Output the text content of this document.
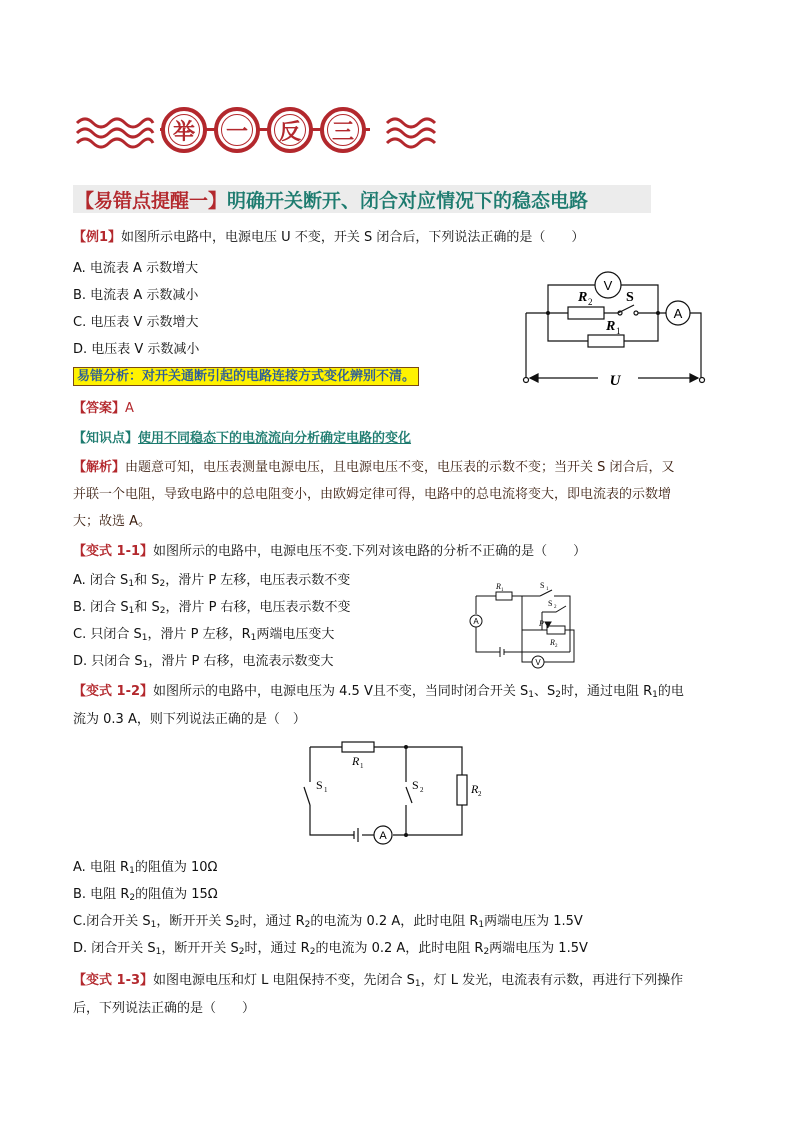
举 一 反 三
【易错点提醒一】明确开关断开、闭合对应情况下的稳态电路
【例1】如图所示电路中，电源电压 U 不变，开关 S 闭合后，下列说法正确的是（　　）
A. 电流表 A 示数增大
B. 电流表 A 示数减小
C. 电压表 V 示数增大
D. 电压表 V 示数减小
易错分析：对开关通断引起的电路连接方式变化辨别不清。
V
A
R 2 S
R 1
U
【答案】A
【知识点】使用不同稳态下的电流流向分析确定电路的变化
【解析】由题意可知，电压表测量电源电压，且电源电压不变，电压表的示数不变；当开关 S 闭合后，又
并联一个电阻，导致电路中的总电阻变小，由欧姆定律可得，电路中的总电流将变大，即电流表的示数增
大；故选 A。
【变式 1-1】如图所示的电路中，电源电压不变.下列对该电路的分析不正确的是（　　）
A. 闭合 $S_1$和 $S_2$，滑片 P 左移，电压表示数不变
B. 闭合 $S_1$和 $S_2$，滑片 P 右移，电压表示数不变
C. 只闭合 $S_1$，滑片 P 左移，$R_1$两端电压变大
D. 只闭合 $S_1$，滑片 P 右移，电流表示数变大
R 1
S 1
S 2
A	P
R 2
V
【变式 1-2】如图所示的电路中，电源电压为 4.5 V且不变，当同时闭合开关 $S_1$、$S_2$时，通过电阻 $R_1$的电
流为 0.3 A，则下列说法正确的是（　）
R 1
S 1	S 2	R 2
A
A. 电阻 $R_1$的阻值为 10Ω
B. 电阻 $R_2$的阻值为 15Ω
C.闭合开关 $S_1$，断开开关 $S_2$时，通过 $R_2$的电流为 0.2 A，此时电阻 $R_1$两端电压为 1.5V
D. 闭合开关 $S_1$，断开开关 $S_2$时，通过 $R_2$的电流为 0.2 A，此时电阻 $R_2$两端电压为 1.5V
【变式 1-3】如图电源电压和灯 L 电阻保持不变，先闭合 $S_1$，灯 L 发光，电流表有示数，再进行下列操作
后，下列说法正确的是（　　）
